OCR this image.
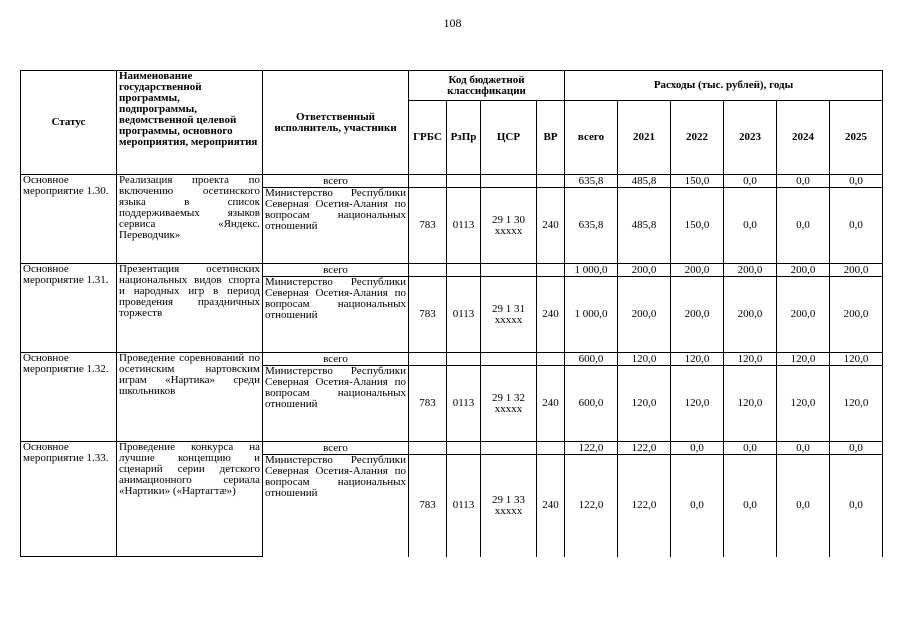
108
Статус	Наименование государственной программы, подпрограммы, ведомственной целевой программы, основного мероприятия, мероприятия	Ответственный исполнитель, участники	Код бюджетной классификации				Расходы (тыс. рублей), годы					
			ГРБС	РзПр	ЦСР	ВР	всего	2021	2022	2023	2024	2025
Основное мероприятие 1.30.	Реализация проекта по включению осетинского языка в список поддерживаемых языков сервиса «Яндекс. Переводчик»	всего					635,8	485,8	150,0	0,0	0,0	0,0
		Министерство Республики Северная Осетия-Алания по вопросам национальных отношений	783	0113	29 1 30 xxxxx	240	635,8	485,8	150,0	0,0	0,0	0,0
Основное мероприятие 1.31.	Презентация осетинских национальных видов спорта и народных игр в период проведения праздничных торжеств	всего					1 000,0	200,0	200,0	200,0	200,0	200,0
		Министерство Республики Северная Осетия-Алания по вопросам национальных отношений	783	0113	29 1 31 xxxxx	240	1 000,0	200,0	200,0	200,0	200,0	200,0
Основное мероприятие 1.32.	Проведение соревнований по осетинским нартовским играм «Нартика» среди школьников	всего					600,0	120,0	120,0	120,0	120,0	120,0
		Министерство Республики Северная Осетия-Алания по вопросам национальных отношений	783	0113	29 1 32 xxxxx	240	600,0	120,0	120,0	120,0	120,0	120,0
Основное мероприятие 1.33.	Проведение конкурса на лучшие концепцию и сценарий серии детского анимационного сериала «Нартики» («Нартагтæ»)	всего					122,0	122,0	0,0	0,0	0,0	0,0
		Министерство Республики Северная Осетия-Алания по вопросам национальных отношений	783	0113	29 1 33 xxxxx	240	122,0	122,0	0,0	0,0	0,0	0,0
